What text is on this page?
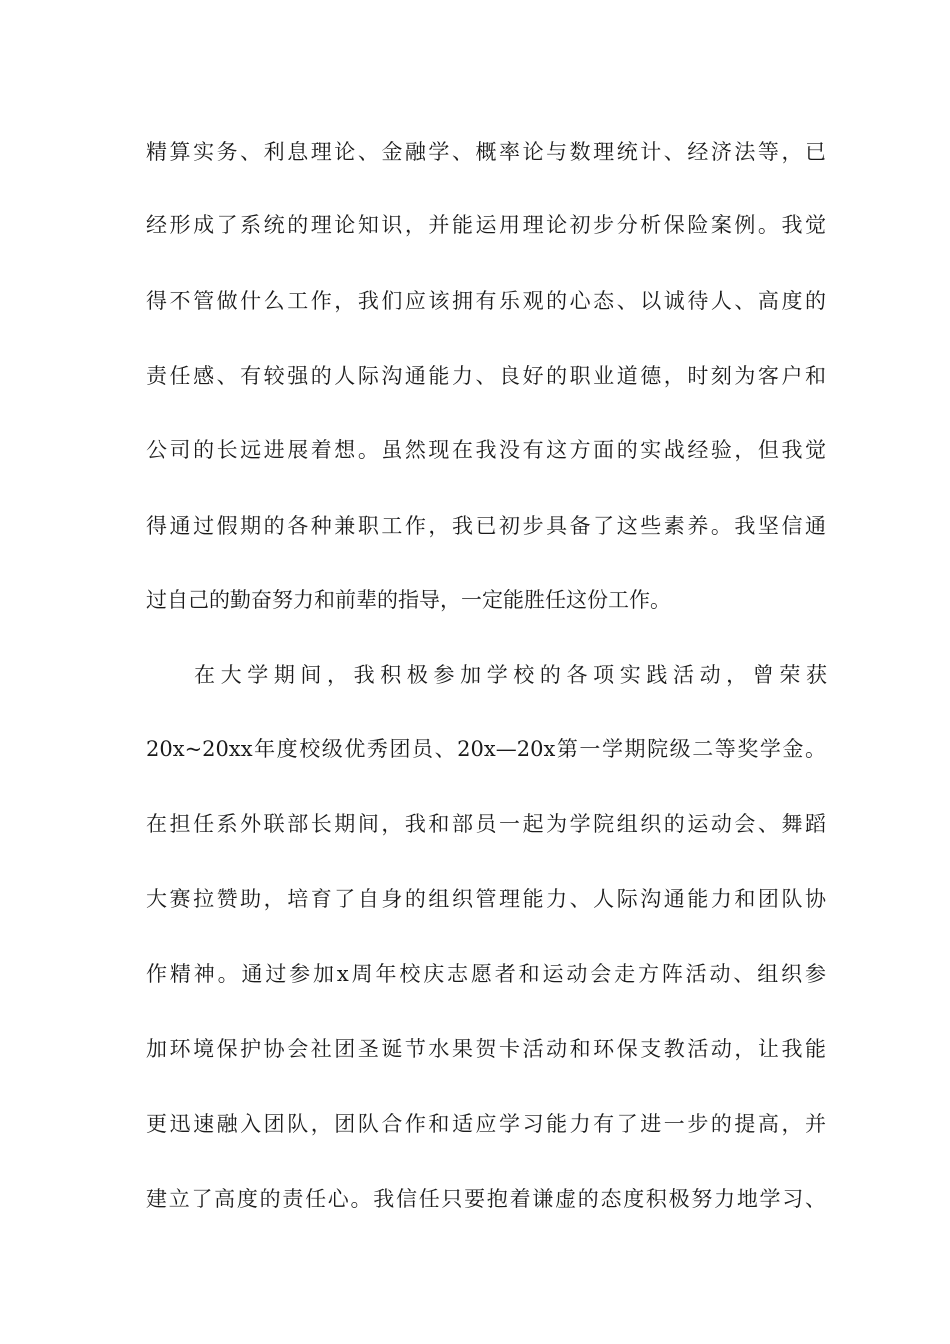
精算实务、利息理论、金融学、概率论与数理统计、经济法等，已
经形成了系统的理论知识，并能运用理论初步分析保险案例。我觉
得不管做什么工作，我们应该拥有乐观的心态、以诚待人、高度的
责任感、有较强的人际沟通能力、良好的职业道德，时刻为客户和
公司的长远进展着想。虽然现在我没有这方面的实战经验，但我觉
得通过假期的各种兼职工作，我已初步具备了这些素养。我坚信通
过自己的勤奋努力和前辈的指导，一定能胜任这份工作。
在大学期间，我积极参加学校的各项实践活动，曾荣获
20x~20xx年度校级优秀团员、20x—20x第一学期院级二等奖学金。
在担任系外联部长期间，我和部员一起为学院组织的运动会、舞蹈
大赛拉赞助，培育了自身的组织管理能力、人际沟通能力和团队协
作精神。通过参加x周年校庆志愿者和运动会走方阵活动、组织参
加环境保护协会社团圣诞节水果贺卡活动和环保支教活动，让我能
更迅速融入团队，团队合作和适应学习能力有了进一步的提高，并
建立了高度的责任心。我信任只要抱着谦虚的态度积极努力地学习、
